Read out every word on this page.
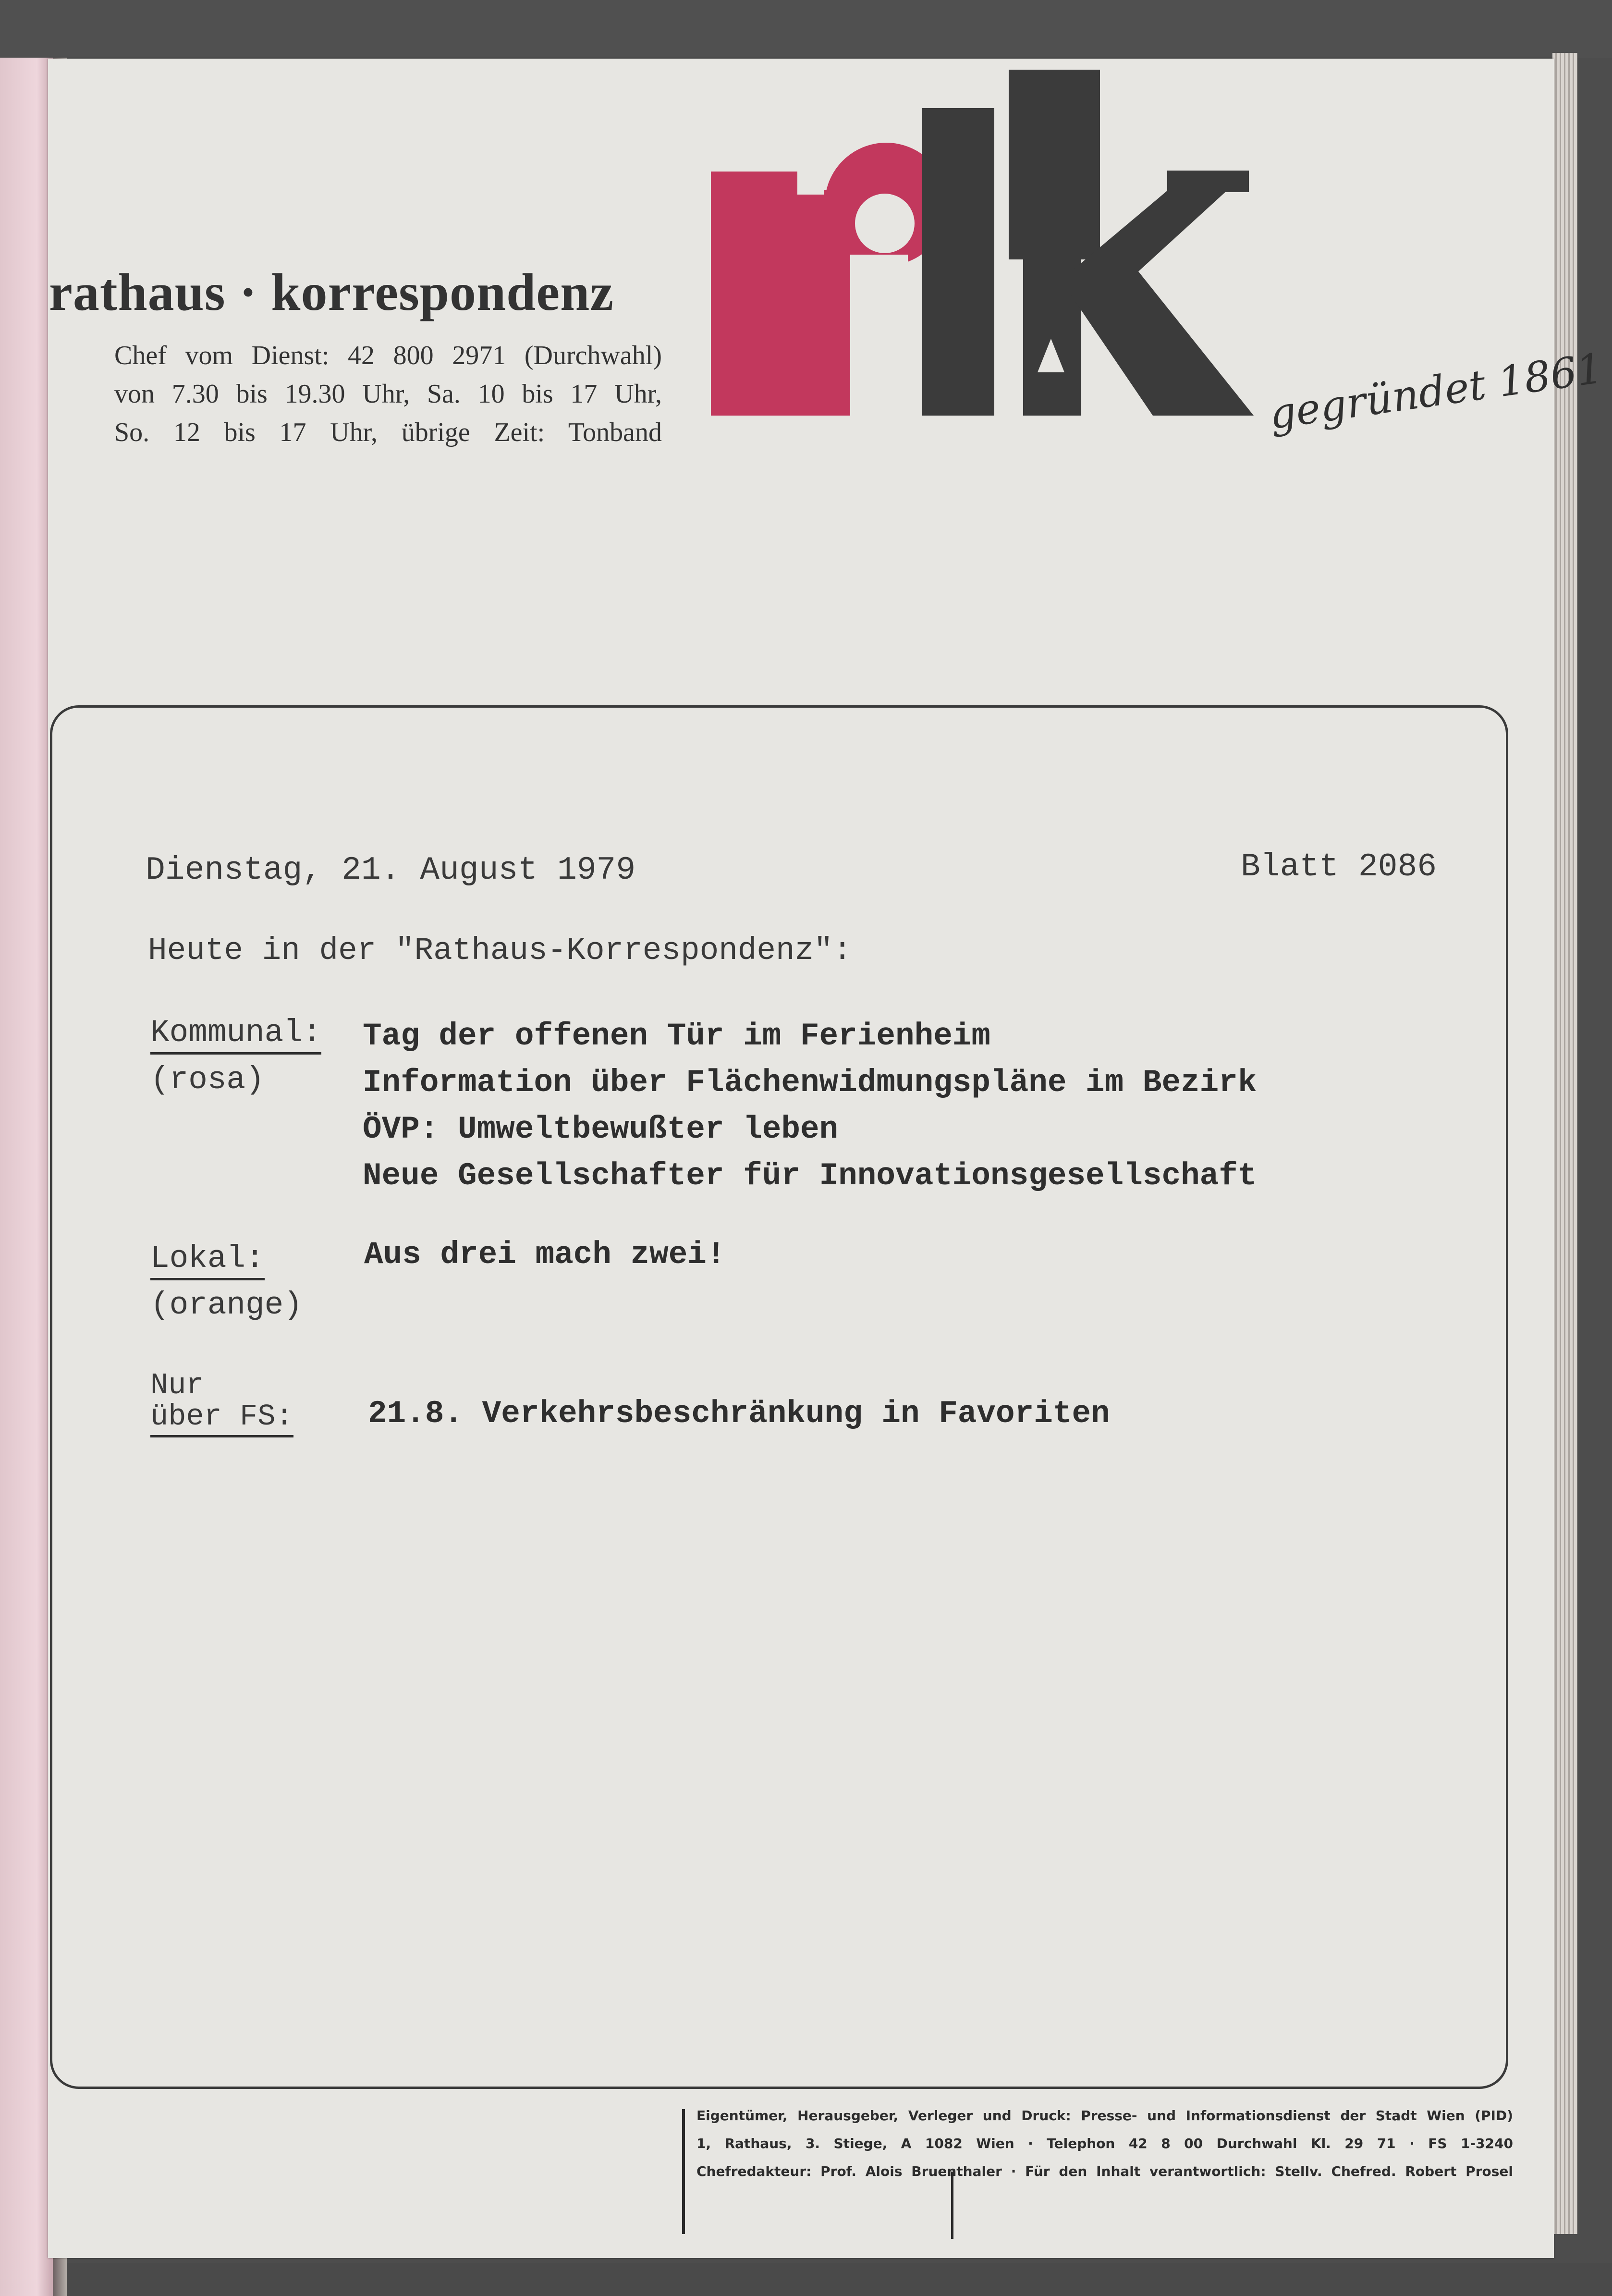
rathaus · korrespondenz
Chef vom Dienst: 42 800 2971 (Durchwahl)
von 7.30 bis 19.30 Uhr, Sa. 10 bis 17 Uhr,
So. 12 bis 17 Uhr, übrige Zeit: Tonband	gegründet 1861
Dienstag, 21. August 1979	Blatt 2086
Heute in der "Rathaus-Korrespondenz":
Kommunal:
(rosa)
Tag der offenen Tür im Ferienheim
Information über Flächenwidmungspläne im Bezirk
ÖVP: Umweltbewußter leben
Neue Gesellschafter für Innovationsgesellschaft
Lokal:
(orange)
Aus drei mach zwei!
Nur
über FS: 21.8. Verkehrsbeschränkung in Favoriten
Eigentümer, Herausgeber, Verleger und Druck: Presse- und Informationsdienst der Stadt Wien (PID)
1, Rathaus, 3. Stiege, A 1082 Wien · Telephon 42 8 00 Durchwahl Kl. 29 71 · FS 1-3240
Chefredakteur: Prof. Alois Bruenthaler · Für den Inhalt verantwortlich: Stellv. Chefred. Robert Prosel
